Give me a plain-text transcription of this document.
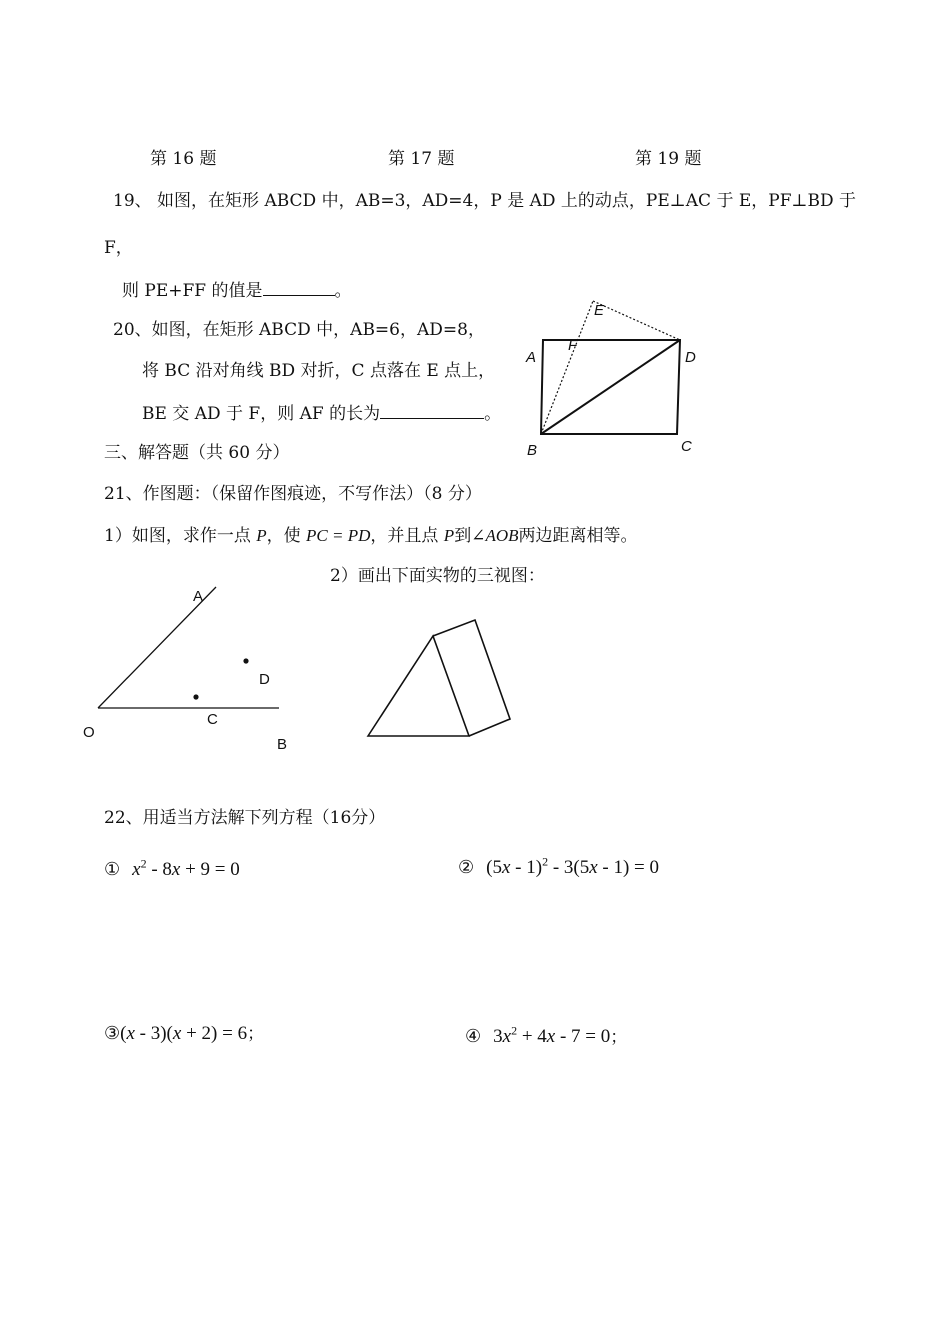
第 16 题	第 17 题	第 19 题
19、 如图，在矩形 ABCD 中，AB=3，AD=4，P 是 AD 上的动点，PE⊥AC 于 E，PF⊥BD 于
F，
则 PE+FF 的值是	。
20、如图，在矩形 ABCD 中，AB=6，AD=8，
将 BC 沿对角线 BD 对折，C 点落在 E 点上，
BE 交 AD 于 F，则 AF 的长为	。
A	D
B	C
E
F
三、解答题（共 60 分）
21、作图题：（保留作图痕迹，不写作法）（8 分）
1）如图，求作一点 P，使 PC = PD，并且点 P到∠AOB两边距离相等。
2）画出下面实物的三视图：
A
O
B
C
D
22、用适当方法解下列方程（16分）
① $x^2 - 8x + 9 = 0$	② (5x - 1)$^2$ - 3(5x - 1) = 0
③(x - 3)(x + 2) = 6；	④ $3x^2 + 4x - 7 = 0$；
